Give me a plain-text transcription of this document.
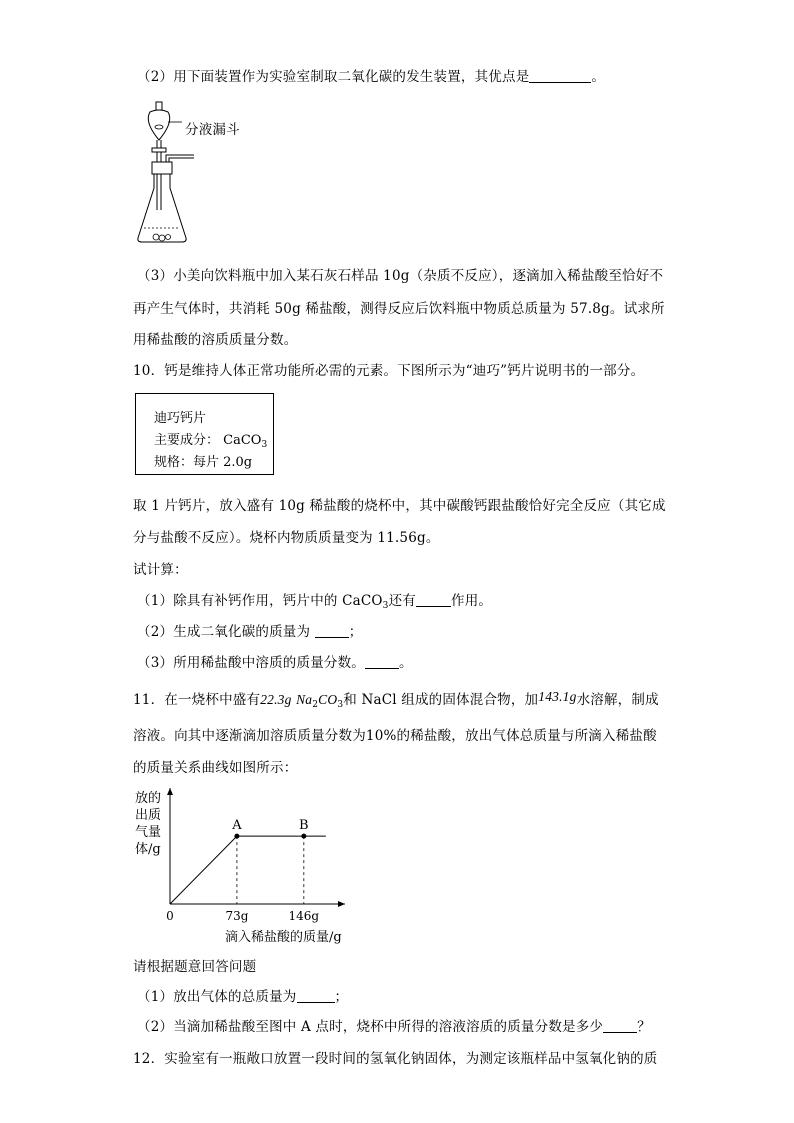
（2）用下面装置作为实验室制取二氧化碳的发生装置，其优点是	。
分液漏斗
（3）小美向饮料瓶中加入某石灰石样品 10g（杂质不反应），逐滴加入稀盐酸至恰好不
再产生气体时，共消耗 50g 稀盐酸，测得反应后饮料瓶中物质总质量为 57.8g。试求所
用稀盐酸的溶质质量分数。
10．钙是维持人体正常功能所必需的元素。下图所示为“迪巧”钙片说明书的一部分。
迪巧钙片
主要成分： CaCO$_3$
规格：每片 2.0g
取 1 片钙片，放入盛有 10g 稀盐酸的烧杯中，其中碳酸钙跟盐酸恰好完全反应（其它成
分与盐酸不反应）。烧杯内物质质量变为 11.56g。
试计算：
（1）除具有补钙作用，钙片中的 CaCO$_3$还有	作用。
（2）生成二氧化碳的质量为	；
（3）所用稀盐酸中溶质的质量分数。	。
11．在一烧杯中盛有22.3g $Na_2CO_3$和 NaCl 组成的固体混合物，加143.1g水溶解，制成
溶液。向其中逐渐滴加溶质质量分数为10%的稀盐酸，放出气体总质量与所滴入稀盐酸
的质量关系曲线如图所示：
A
73g
B
146g
0
放的
出质
气量
体/g
滴入稀盐酸的质量/g
请根据题意回答问题
（1）放出气体的总质量为	；
（2）当滴加稀盐酸至图中 A 点时，烧杯中所得的溶液溶质的质量分数是多少	？
12．实验室有一瓶敞口放置一段时间的氢氧化钠固体，为测定该瓶样品中氢氧化钠的质
